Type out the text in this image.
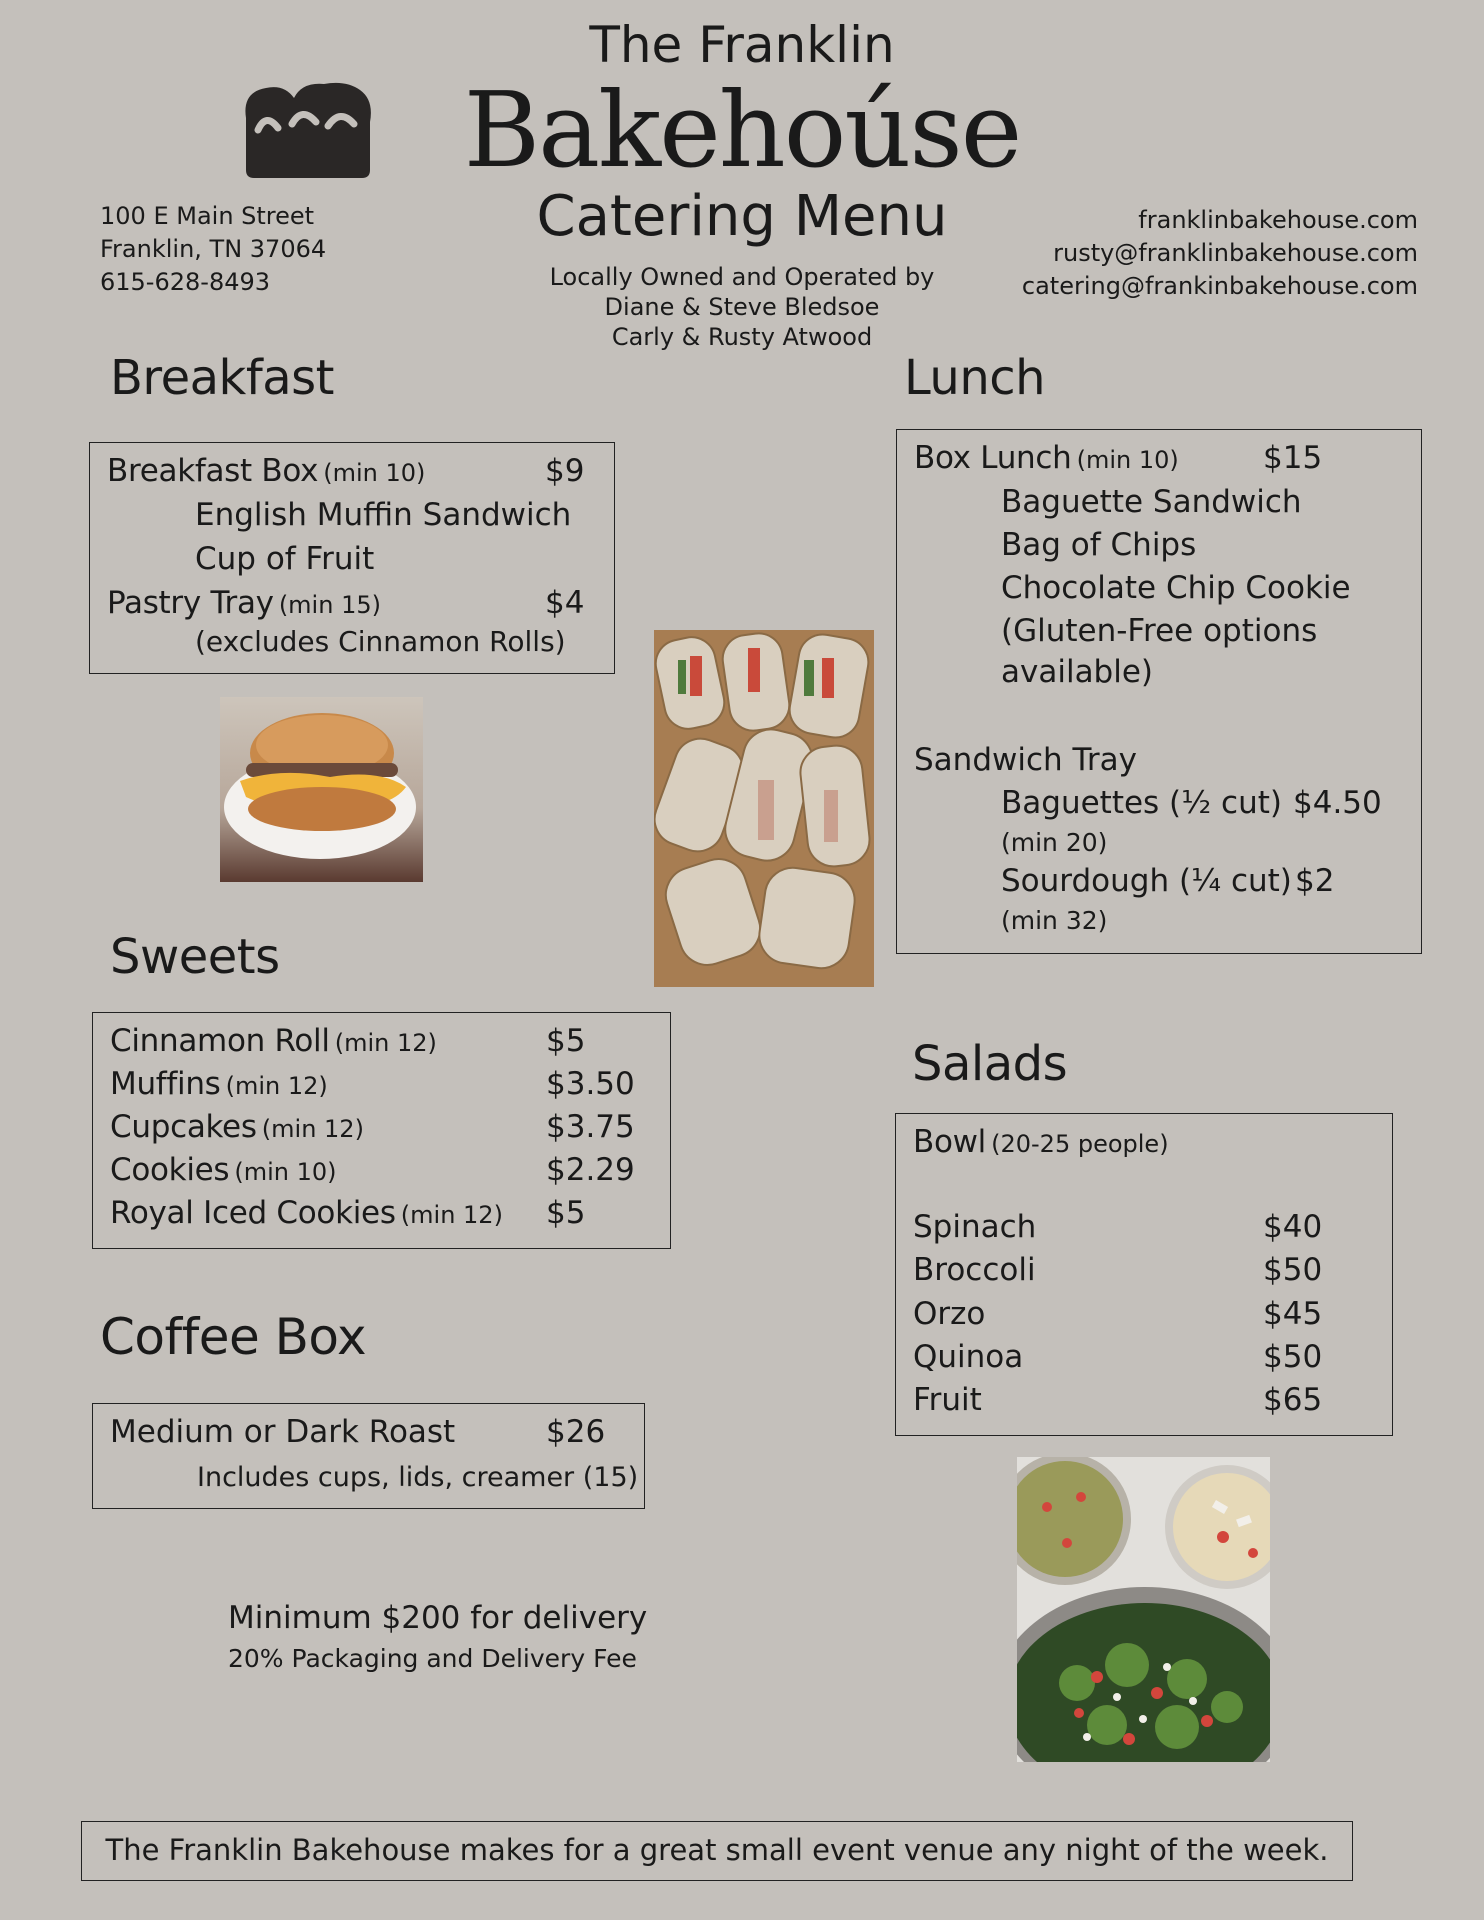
The Franklin
Bakehoúse
Catering Menu
Locally Owned and Operated by
Diane & Steve Bledsoe
Carly & Rusty Atwood
100 E Main Street
Franklin, TN 37064
615-628-8493
franklinbakehouse.com
rusty@franklinbakehouse.com
catering@frankinbakehouse.com
Breakfast
Breakfast Box (min 10)	$9
English Muffin Sandwich
Cup of Fruit
Pastry Tray (min 15)	$4
(excludes Cinnamon Rolls)
Sweets
Cinnamon Roll (min 12)	$5
Muffins (min 12)	$3.50
Cupcakes (min 12)	$3.75
Cookies (min 10)	$2.29
Royal Iced Cookies (min 12) $5
Coffee Box
Medium or Dark Roast	$26
Includes cups, lids, creamer (15)
Minimum $200 for delivery
20% Packaging and Delivery Fee
Lunch
Box Lunch (min 10)	$15
Baguette Sandwich
Bag of Chips
Chocolate Chip Cookie
(Gluten-Free options
available)
Sandwich Tray
Baguettes (½ cut) $4.50
(min 20)
Sourdough (¼ cut) $2
(min 32)
Salads
Bowl (20-25 people)
Spinach	$40
Broccoli	$50
Orzo	$45
Quinoa	$50
Fruit	$65
The Franklin Bakehouse makes for a great small event venue any night of the week.
